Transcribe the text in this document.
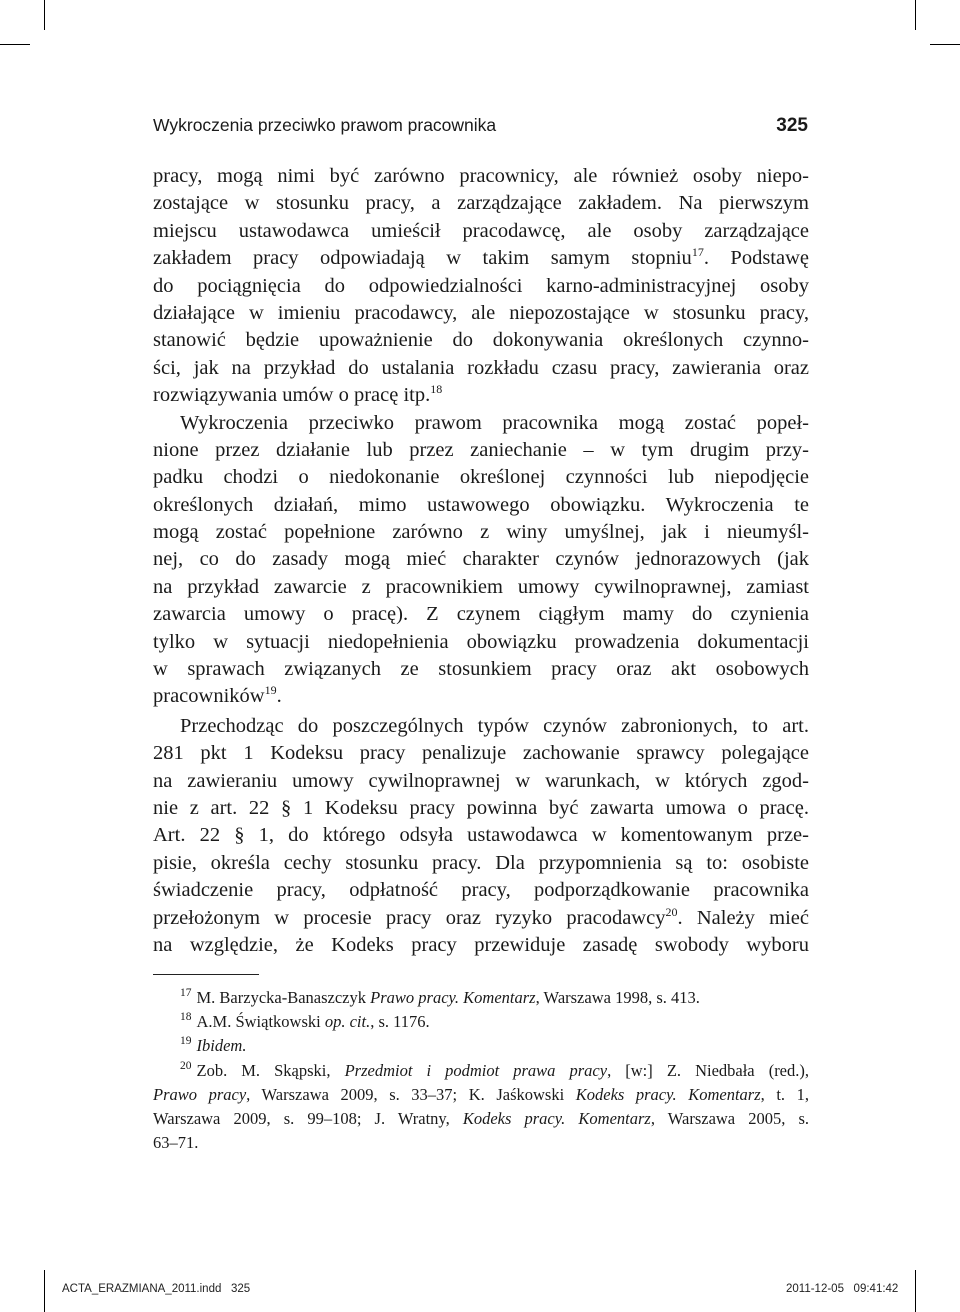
Wykroczenia przeciwko prawom pracownika	325
pracy, mogą nimi być zarówno pracownicy, ale również osoby niepo-
zostające w stosunku pracy, a zarządzające zakładem. Na pierwszym
miejscu ustawodawca umieścił pracodawcę, ale osoby zarządzające
zakładem pracy odpowiadają w takim samym stopniu$^{17}$. Podstawę
do pociągnięcia do odpowiedzialności karno-administracyjnej osoby
działające w imieniu pracodawcy, ale niepozostające w stosunku pracy,
stanowić będzie upoważnienie do dokonywania określonych czynno-
ści, jak na przykład do ustalania rozkładu czasu pracy, zawierania oraz
rozwiązywania umów o pracę itp.$^{18}$
Wykroczenia przeciwko prawom pracownika mogą zostać popeł-
nione przez działanie lub przez zaniechanie – w tym drugim przy-
padku chodzi o niedokonanie określonej czynności lub niepodjęcie
określonych działań, mimo ustawowego obowiązku. Wykroczenia te
mogą zostać popełnione zarówno z winy umyślnej, jak i nieumyśl-
nej, co do zasady mogą mieć charakter czynów jednorazowych (jak
na przykład zawarcie z pracownikiem umowy cywilnoprawnej, zamiast
zawarcia umowy o pracę). Z czynem ciągłym mamy do czynienia
tylko w sytuacji niedopełnienia obowiązku prowadzenia dokumentacji
w sprawach związanych ze stosunkiem pracy oraz akt osobowych
pracowników$^{19}$.
Przechodząc do poszczególnych typów czynów zabronionych, to art.
281 pkt 1 Kodeksu pracy penalizuje zachowanie sprawcy polegające
na zawieraniu umowy cywilnoprawnej w warunkach, w których zgod-
nie z art. 22 § 1 Kodeksu pracy powinna być zawarta umowa o pracę.
Art. 22 § 1, do którego odsyła ustawodawca w komentowanym prze-
pisie, określa cechy stosunku pracy. Dla przypomnienia są to: osobiste
świadczenie pracy, odpłatność pracy, podporządkowanie pracownika
przełożonym w procesie pracy oraz ryzyko pracodawcy$^{20}$. Należy mieć
na względzie, że Kodeks pracy przewiduje zasadę swobody wyboru
$^{17}$ M. Barzycka-Banaszczyk Prawo pracy. Komentarz, Warszawa 1998, s. 413.
$^{18}$ A.M. Świątkowski op. cit., s. 1176.
$^{19}$ Ibidem.
$^{20}$ Zob. M. Skąpski, Przedmiot i podmiot prawa pracy, [w:] Z. Niedbała (red.),
Prawo pracy, Warszawa 2009, s. 33–37; K. Jaśkowski Kodeks pracy. Komentarz, t. 1,
Warszawa 2009, s. 99–108; J. Wratny, Kodeks pracy. Komentarz, Warszawa 2005, s.
63–71.
ACTA_ERAZMIANA_2011.indd   325	2011-12-05   09:41:42
